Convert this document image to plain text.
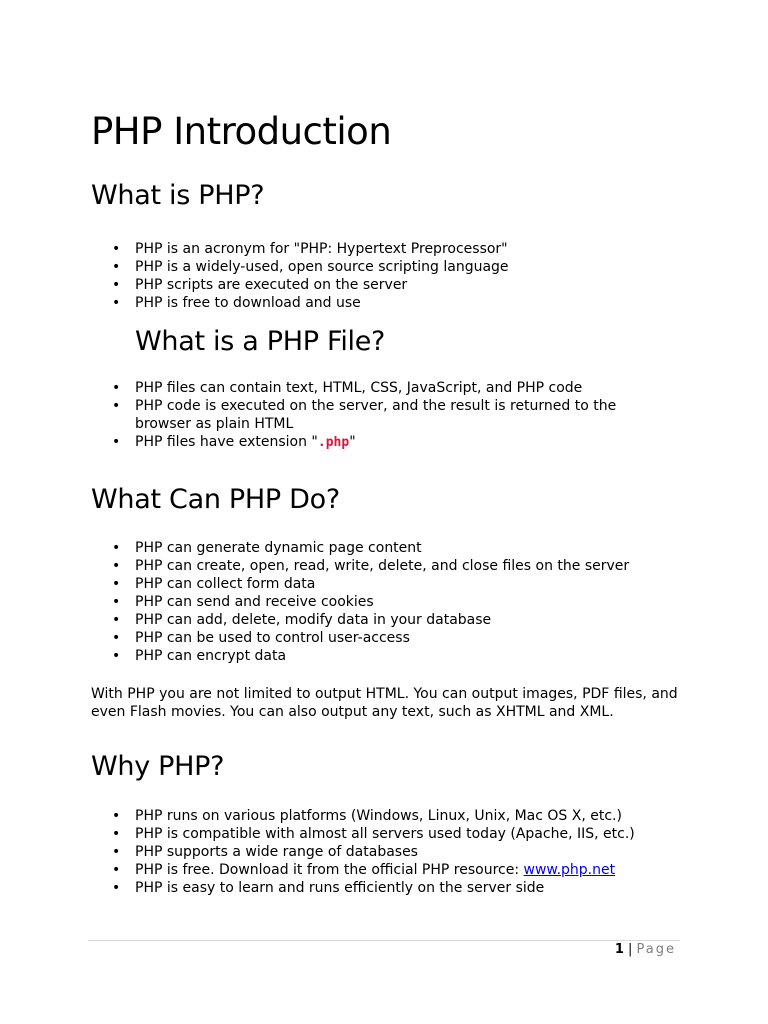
PHP Introduction
What is PHP?
• PHP is an acronym for "PHP: Hypertext Preprocessor"
• PHP is a widely-used, open source scripting language
• PHP scripts are executed on the server
• PHP is free to download and use
What is a PHP File?
• PHP files can contain text, HTML, CSS, JavaScript, and PHP code
• PHP code is executed on the server, and the result is returned to the browser as plain HTML
• PHP files have extension ".php"
What Can PHP Do?
• PHP can generate dynamic page content
• PHP can create, open, read, write, delete, and close files on the server
• PHP can collect form data
• PHP can send and receive cookies
• PHP can add, delete, modify data in your database
• PHP can be used to control user-access
• PHP can encrypt data

With PHP you are not limited to output HTML. You can output images, PDF files, and even Flash movies. You can also output any text, such as XHTML and XML.

Why PHP?
• PHP runs on various platforms (Windows, Linux, Unix, Mac OS X, etc.)
• PHP is compatible with almost all servers used today (Apache, IIS, etc.)
• PHP supports a wide range of databases
• PHP is free. Download it from the official PHP resource: www.php.net
• PHP is easy to learn and runs efficiently on the server side
1 | Page
